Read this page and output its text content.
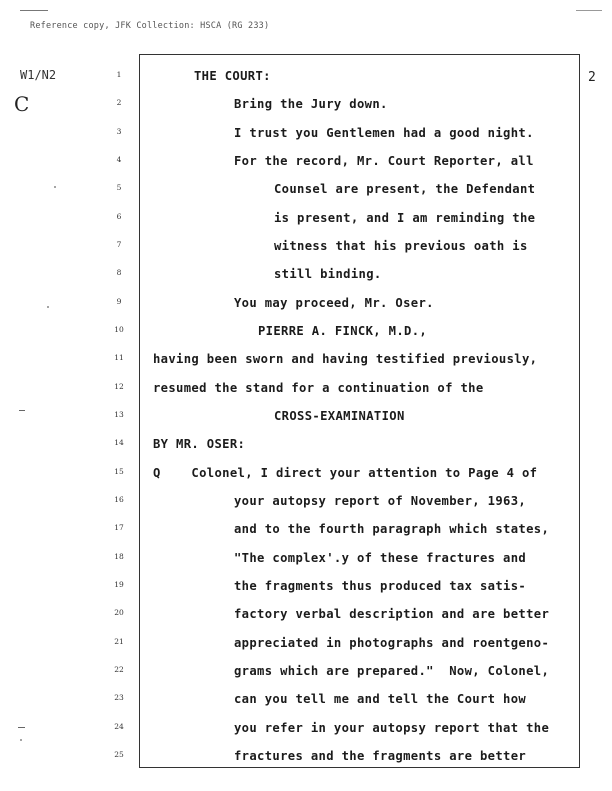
Reference copy, JFK Collection: HSCA (RG 233)
W1/N2
C
2
1
2
3
4
5
6
7
8
9
10
11
12
13
14
15
16
17
18
19
20
21
22
23
24
25
THE COURT:
Bring the Jury down.
I trust you Gentlemen had a good night.
For the record, Mr. Court Reporter, all
Counsel are present, the Defendant
is present, and I am reminding the
witness that his previous oath is
still binding.
You may proceed, Mr. Oser.
PIERRE A. FINCK, M.D.,
having been sworn and having testified previously,
resumed the stand for a continuation of the
CROSS-EXAMINATION
BY MR. OSER:
Q    Colonel, I direct your attention to Page 4 of
your autopsy report of November, 1963,
and to the fourth paragraph which states,
"The complex'.y of these fractures and
the fragments thus produced tax satis-
factory verbal description and are better
appreciated in photographs and roentgeno-
grams which are prepared."  Now, Colonel,
can you tell me and tell the Court how
you refer in your autopsy report that the
fractures and the fragments are better
